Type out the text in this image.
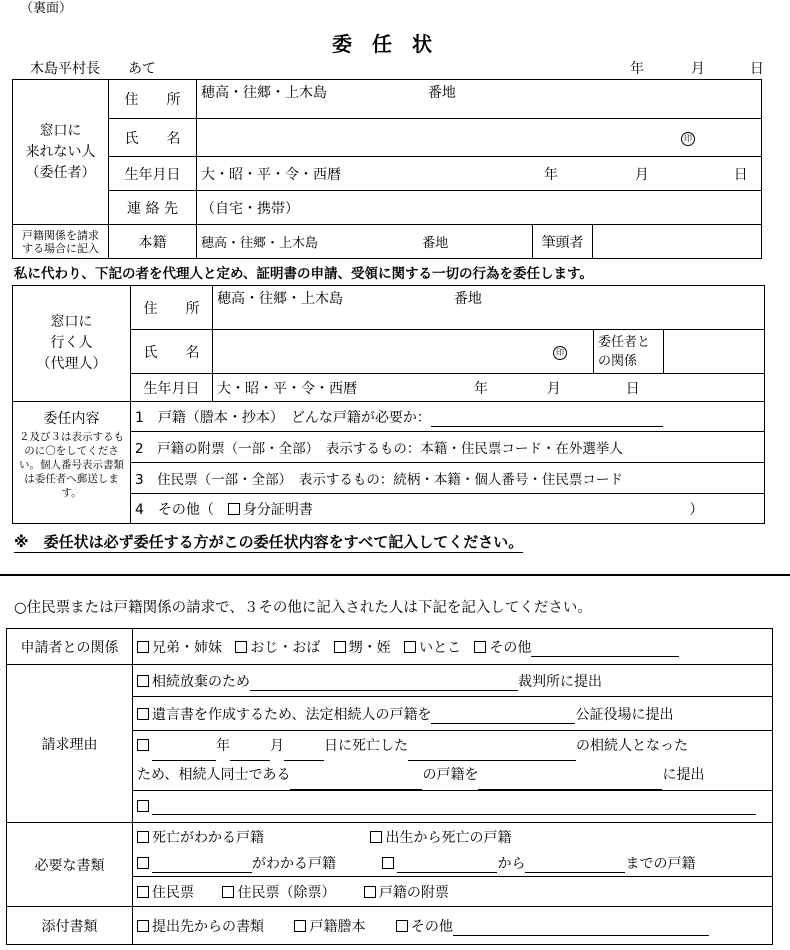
（裏面）
委　任　状
木島平村長　　あて	年	月	日
窓口に
来れない人
（委任者）	住　　所	穂高・往郷・上木島 番地		
	氏　　名	印		
	生年月日	大・昭・平・令・西暦 年 月 日		
	連 絡 先	（自宅・携帯）		
戸籍関係を請求
する場合に記入	本籍	穂高・往郷・上木島 番地	筆頭者	
私に代わり、下記の者を代理人と定め、証明書の申請、受領に関する一切の行為を委任します。
窓口に
行く人
（代理人）	住　　所	穂高・往郷・上木島 番地		
	氏　　名	印	委任者と
の関係	
	生年月日	大・昭・平・令・西暦 年 月 日		

委任内容
２及び３は表示するものに〇をしてください。個人番号表示書類は委任者へ郵送します。	1　戸籍（謄本・抄本）　どんな戸籍が必要か：			
	2　戸籍の附票（一部・全部）　表示するもの：本籍・住民票コード・在外選挙人			
	3　住民票（一部・全部）　表示するもの：続柄・本籍・個人番号・住民票コード			
	4　その他（　身分証明書 ）			
※　委任状は必ず委任する方がこの委任状内容をすべて記入してください。
○住民票または戸籍関係の請求で、３その他に記入された人は下記を記入してください。
申請者との関係	兄弟・姉妹 おじ・おば 甥・姪 いとこ その他
請求理由	相続放棄のため 裁判所に提出
	遺言書を作成するため、法定相続人の戸籍を 公証役場に提出
	年 月 日に死亡した の相続人となった
ため、相続人同士である の戸籍を に提出

必要な書類	死亡がわかる戸籍 出生から死亡の戸籍
	がわかる戸籍 から までの戸籍
	住民票 住民票（除票） 戸籍の附票
添付書類	提出先からの書類 戸籍謄本 その他
